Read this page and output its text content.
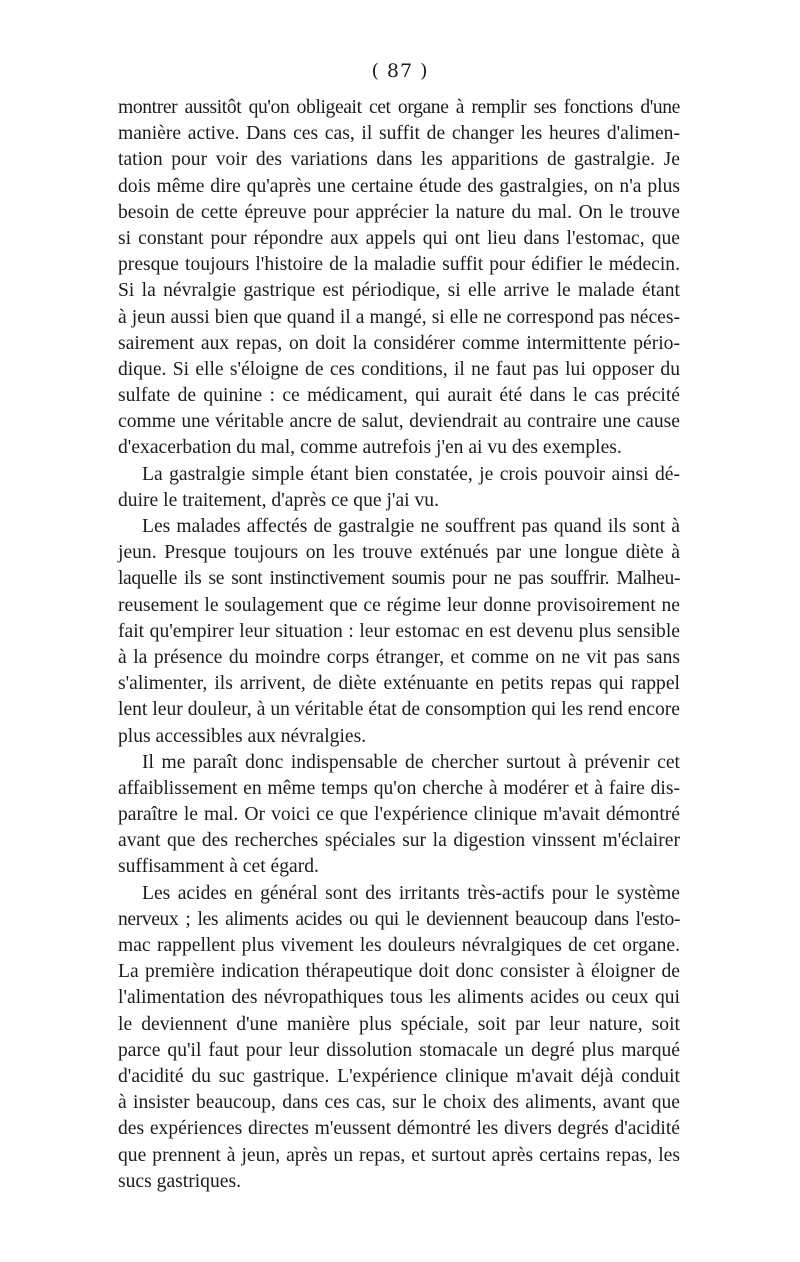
( 87 )
montrer aussitôt qu'on obligeait cet organe à remplir ses fonctions d'une
manière active. Dans ces cas, il suffit de changer les heures d'alimen-
tation pour voir des variations dans les apparitions de gastralgie. Je
dois même dire qu'après une certaine étude des gastralgies, on n'a plus
besoin de cette épreuve pour apprécier la nature du mal. On le trouve
si constant pour répondre aux appels qui ont lieu dans l'estomac, que
presque toujours l'histoire de la maladie suffit pour édifier le médecin.
Si la névralgie gastrique est périodique, si elle arrive le malade étant
à jeun aussi bien que quand il a mangé, si elle ne correspond pas néces-
sairement aux repas, on doit la considérer comme intermittente pério-
dique. Si elle s'éloigne de ces conditions, il ne faut pas lui opposer du
sulfate de quinine : ce médicament, qui aurait été dans le cas précité
comme une véritable ancre de salut, deviendrait au contraire une cause
d'exacerbation du mal, comme autrefois j'en ai vu des exemples.
La gastralgie simple étant bien constatée, je crois pouvoir ainsi dé-
duire le traitement, d'après ce que j'ai vu.
Les malades affectés de gastralgie ne souffrent pas quand ils sont à
jeun. Presque toujours on les trouve exténués par une longue diète à
laquelle ils se sont instinctivement soumis pour ne pas souffrir. Malheu-
reusement le soulagement que ce régime leur donne provisoirement ne
fait qu'empirer leur situation : leur estomac en est devenu plus sensible
à la présence du moindre corps étranger, et comme on ne vit pas sans
s'alimenter, ils arrivent, de diète exténuante en petits repas qui rappel
lent leur douleur, à un véritable état de consomption qui les rend encore
plus accessibles aux névralgies.
Il me paraît donc indispensable de chercher surtout à prévenir cet
affaiblissement en même temps qu'on cherche à modérer et à faire dis-
paraître le mal. Or voici ce que l'expérience clinique m'avait démontré
avant que des recherches spéciales sur la digestion vinssent m'éclairer
suffisamment à cet égard.
Les acides en général sont des irritants très-actifs pour le système
nerveux ; les aliments acides ou qui le deviennent beaucoup dans l'esto-
mac rappellent plus vivement les douleurs névralgiques de cet organe.
La première indication thérapeutique doit donc consister à éloigner de
l'alimentation des névropathiques tous les aliments acides ou ceux qui
le deviennent d'une manière plus spéciale, soit par leur nature, soit
parce qu'il faut pour leur dissolution stomacale un degré plus marqué
d'acidité du suc gastrique. L'expérience clinique m'avait déjà conduit
à insister beaucoup, dans ces cas, sur le choix des aliments, avant que
des expériences directes m'eussent démontré les divers degrés d'acidité
que prennent à jeun, après un repas, et surtout après certains repas, les
sucs gastriques.
